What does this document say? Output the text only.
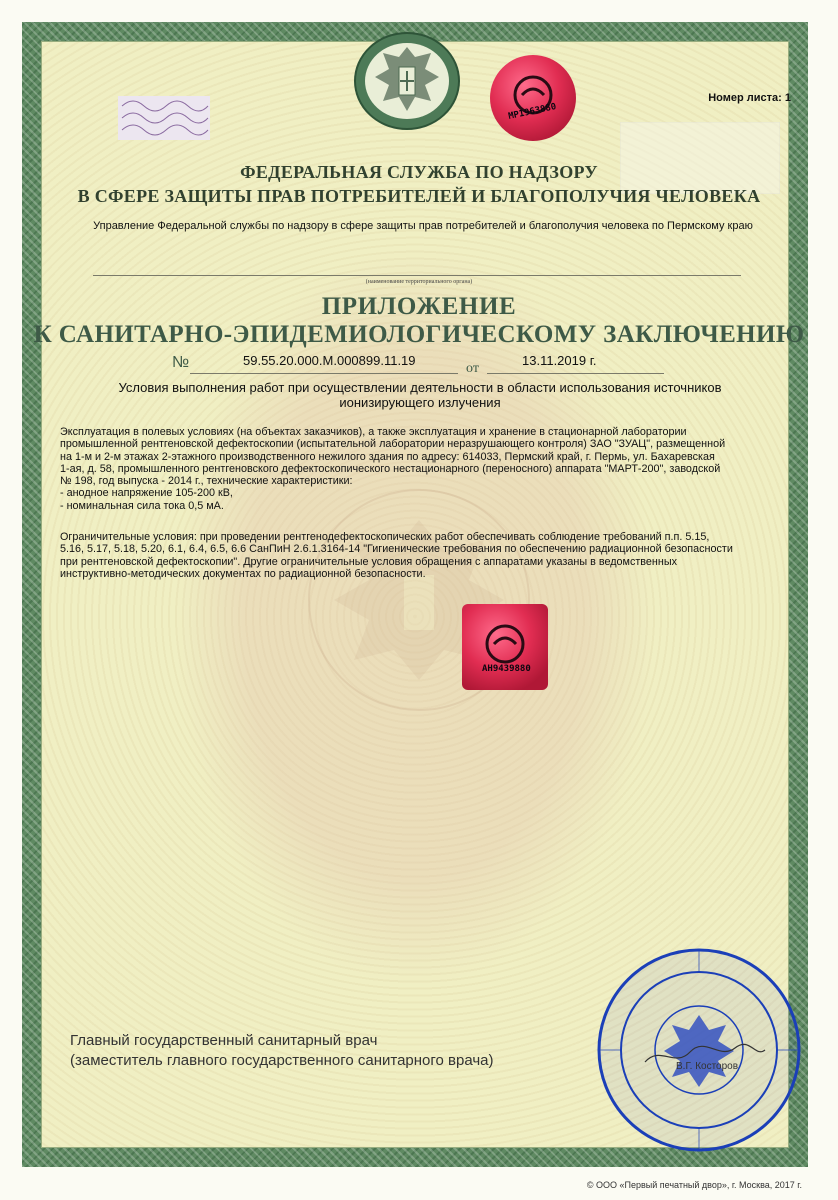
Номер листа: 1
MP1963880
ФЕДЕРАЛЬНАЯ СЛУЖБА ПО НАДЗОРУ
В СФЕРЕ ЗАЩИТЫ ПРАВ ПОТРЕБИТЕЛЕЙ И БЛАГОПОЛУЧИЯ ЧЕЛОВЕКА
Управление Федеральной службы по надзору в сфере защиты прав потребителей и благополучия человека по Пермскому краю
(наименование территориального органа)
ПРИЛОЖЕНИЕ
К САНИТАРНО-ЭПИДЕМИОЛОГИЧЕСКОМУ ЗАКЛЮЧЕНИЮ
№	59.55.20.000.М.000899.11.19
от
13.11.2019 г.
Условия выполнения работ при осуществлении деятельности в области использования источников ионизирующего излучения
Эксплуатация в полевых условиях (на объектах заказчиков), а также эксплуатация и хранение в стационарной лаборатории
промышленной рентгеновской дефектоскопии (испытательной лаборатории неразрушающего контроля) ЗАО "ЗУАЦ", размещенной
на 1-м и 2-м этажах 2-этажного производственного нежилого здания по адресу: 614033, Пермский край, г. Пермь, ул. Бахаревская
1-ая, д. 58, промышленного рентгеновского дефектоскопического нестационарного (переносного) аппарата "МАРТ-200", заводской
№ 198, год выпуска - 2014 г., технические характеристики:
- анодное напряжение 105-200 кВ,
- номинальная сила тока 0,5 мА.
Ограничительные условия: при проведении рентгенодефектоскопических работ обеспечивать соблюдение требований п.п. 5.15,
5.16, 5.17, 5.18, 5.20, 6.1, 6.4, 6.5, 6.6 СанПиН 2.6.1.3164-14 "Гигиенические требования по обеспечению радиационной безопасности
при рентгеновской дефектоскопии". Другие ограничительные условия обращения с аппаратами указаны в ведомственных
инструктивно-методических документах по радиационной безопасности.
AH9439880
Главный государственный санитарный врач
(заместитель главного государственного санитарного врача)	В.Г. Косторов
© ООО «Первый печатный двор», г. Москва, 2017 г.
